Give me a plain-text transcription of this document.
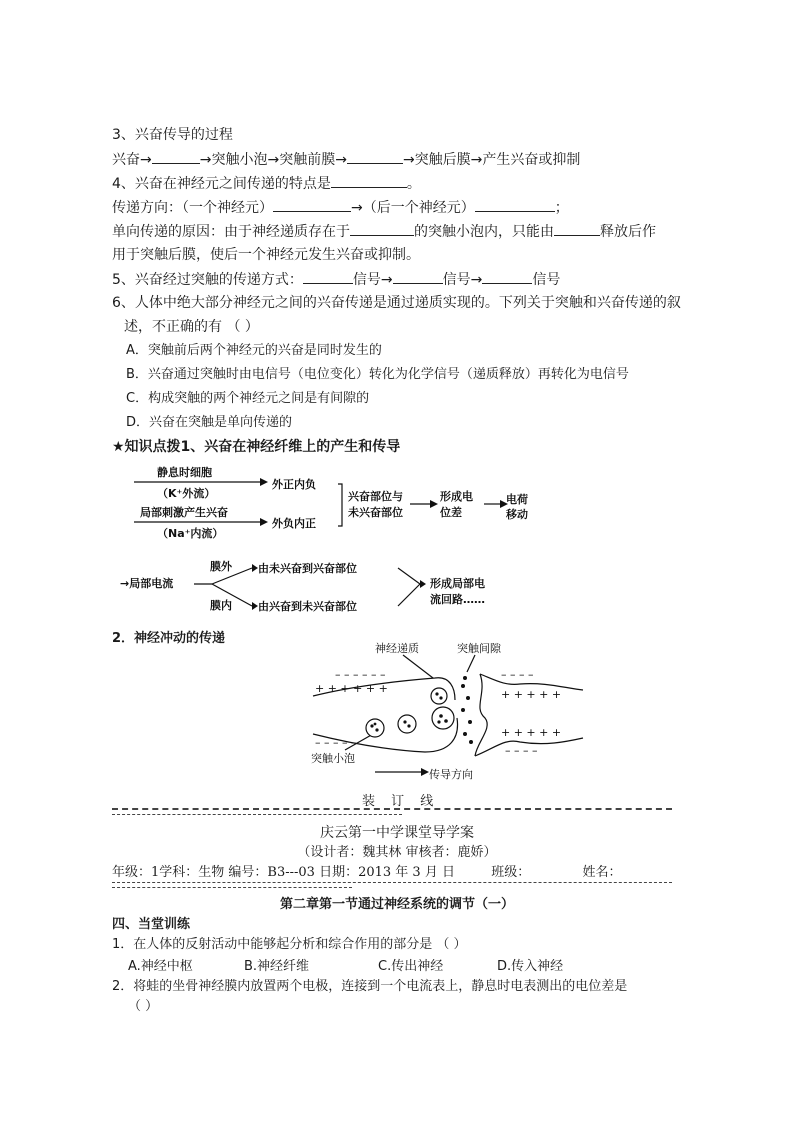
3、兴奋传导的过程
兴奋→	→突触小泡→突触前膜→	→突触后膜→产生兴奋或抑制
4、兴奋在神经元之间传递的特点是	。
传递方向：（一个神经元）	→（后一个神经元）	；
单向传递的原因：由于神经递质存在于	的突触小泡内，只能由	释放后作
用于突触后膜，使后一个神经元发生兴奋或抑制。
5、兴奋经过突触的传递方式：	信号→	信号→	信号
6、人体中绝大部分神经元之间的兴奋传递是通过递质实现的。下列关于突触和兴奋传递的叙
述，不正确的有 （ ）
A．突触前后两个神经元的兴奋是同时发生的
B．兴奋通过突触时由电信号（电位变化）转化为化学信号（递质释放）再转化为电信号
C．构成突触的两个神经元之间是有间隙的
D．兴奋在突触是单向传递的
★知识点拨1、兴奋在神经纤维上的产生和传导
静息时细胞
（K⁺外流）
局部刺激产生兴奋
（Na⁺内流）
外正内负
外负内正
兴奋部位与
未兴奋部位
形成电
位差
电荷
移动
→局部电流
膜外
膜内
由未兴奋到兴奋部位
由兴奋到未兴奋部位
形成局部电
流回路……
2．神经冲动的传递
神经递质	突触间隙
突触小泡
传导方向
+ + + + + +
– – – – – –
– – – – –
– – – –
+ + + + +
+ + + + +
– – – –
装 订 线
庆云第一中学课堂导学案
（设计者：魏其林 审核者：鹿娇）
年级：1学科：生物 编号：B3---03 日期：2013 年 3 月 日	班级：	姓名：
第二章第一节通过神经系统的调节（一）
四、当堂训练
1．在人体的反射活动中能够起分析和综合作用的部分是 （ ）
A.神经中枢	B.神经纤维	C.传出神经	D.传入神经
2．将蛙的坐骨神经膜内放置两个电极，连接到一个电流表上，静息时电表测出的电位差是
（ ）
